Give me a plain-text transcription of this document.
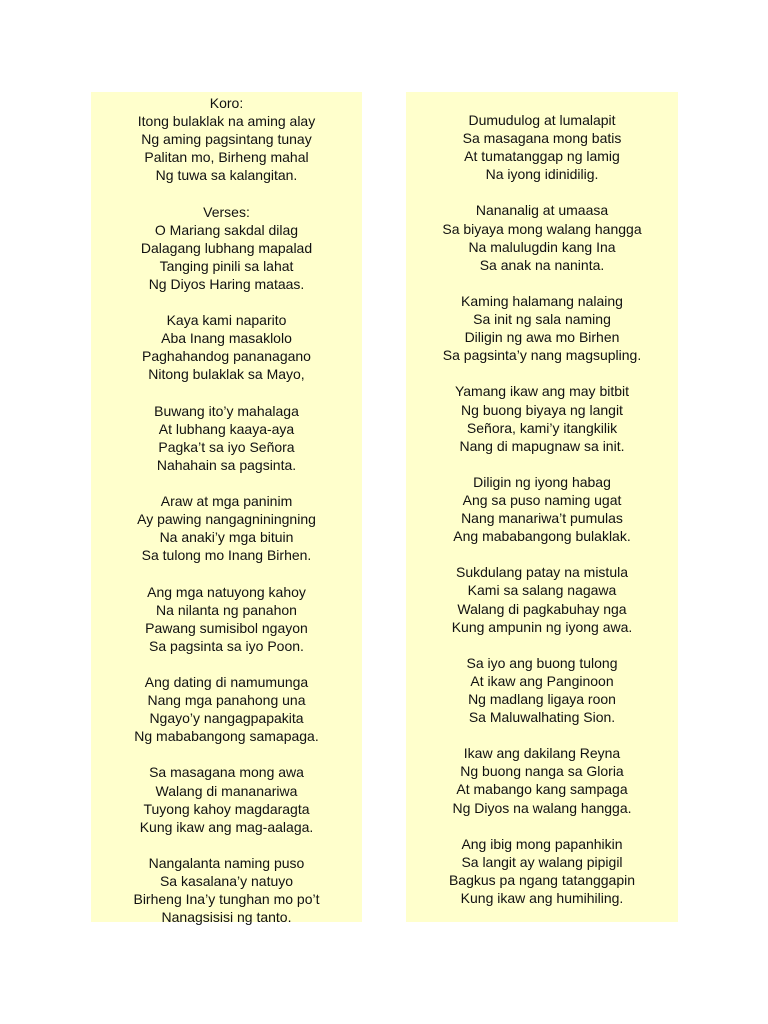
Koro:
Itong bulaklak na aming alay
Ng aming pagsintang tunay
Palitan mo, Birheng mahal
Ng tuwa sa kalangitan.
Verses:
O Mariang sakdal dilag
Dalagang lubhang mapalad
Tanging pinili sa lahat
Ng Diyos Haring mataas.
Kaya kami naparito
Aba Inang masaklolo
Paghahandog pananagano
Nitong bulaklak sa Mayo,
Buwang ito’y mahalaga
At lubhang kaaya-aya
Pagka’t sa iyo Señora
Nahahain sa pagsinta.
Araw at mga paninim
Ay pawing nangagniningning
Na anaki’y mga bituin
Sa tulong mo Inang Birhen.
Ang mga natuyong kahoy
Na nilanta ng panahon
Pawang sumisibol ngayon
Sa pagsinta sa iyo Poon.
Ang dating di namumunga
Nang mga panahong una
Ngayo’y nangagpapakita
Ng mababangong samapaga.
Sa masagana mong awa
Walang di mananariwa
Tuyong kahoy magdaragta
Kung ikaw ang mag-aalaga.
Nangalanta naming puso
Sa kasalana’y natuyo
Birheng Ina’y tunghan mo po’t
Nanagsisisi ng tanto.
Dumudulog at lumalapit
Sa masagana mong batis
At tumatanggap ng lamig
Na iyong idinidilig.
Nananalig at umaasa
Sa biyaya mong walang hangga
Na malulugdin kang Ina
Sa anak na naninta.
Kaming halamang nalaing
Sa init ng sala naming
Diligin ng awa mo Birhen
Sa pagsinta’y nang magsupling.
Yamang ikaw ang may bitbit
Ng buong biyaya ng langit
Señora, kami’y itangkilik
Nang di mapugnaw sa init.
Diligin ng iyong habag
Ang sa puso naming ugat
Nang manariwa’t pumulas
Ang mababangong bulaklak.
Sukdulang patay na mistula
Kami sa salang nagawa
Walang di pagkabuhay nga
Kung ampunin ng iyong awa.
Sa iyo ang buong tulong
At ikaw ang Panginoon
Ng madlang ligaya roon
Sa Maluwalhating Sion.
Ikaw ang dakilang Reyna
Ng buong nanga sa Gloria
At mabango kang sampaga
Ng Diyos na walang hangga.
Ang ibig mong papanhikin
Sa langit ay walang pipigil
Bagkus pa ngang tatanggapin
Kung ikaw ang humihiling.
